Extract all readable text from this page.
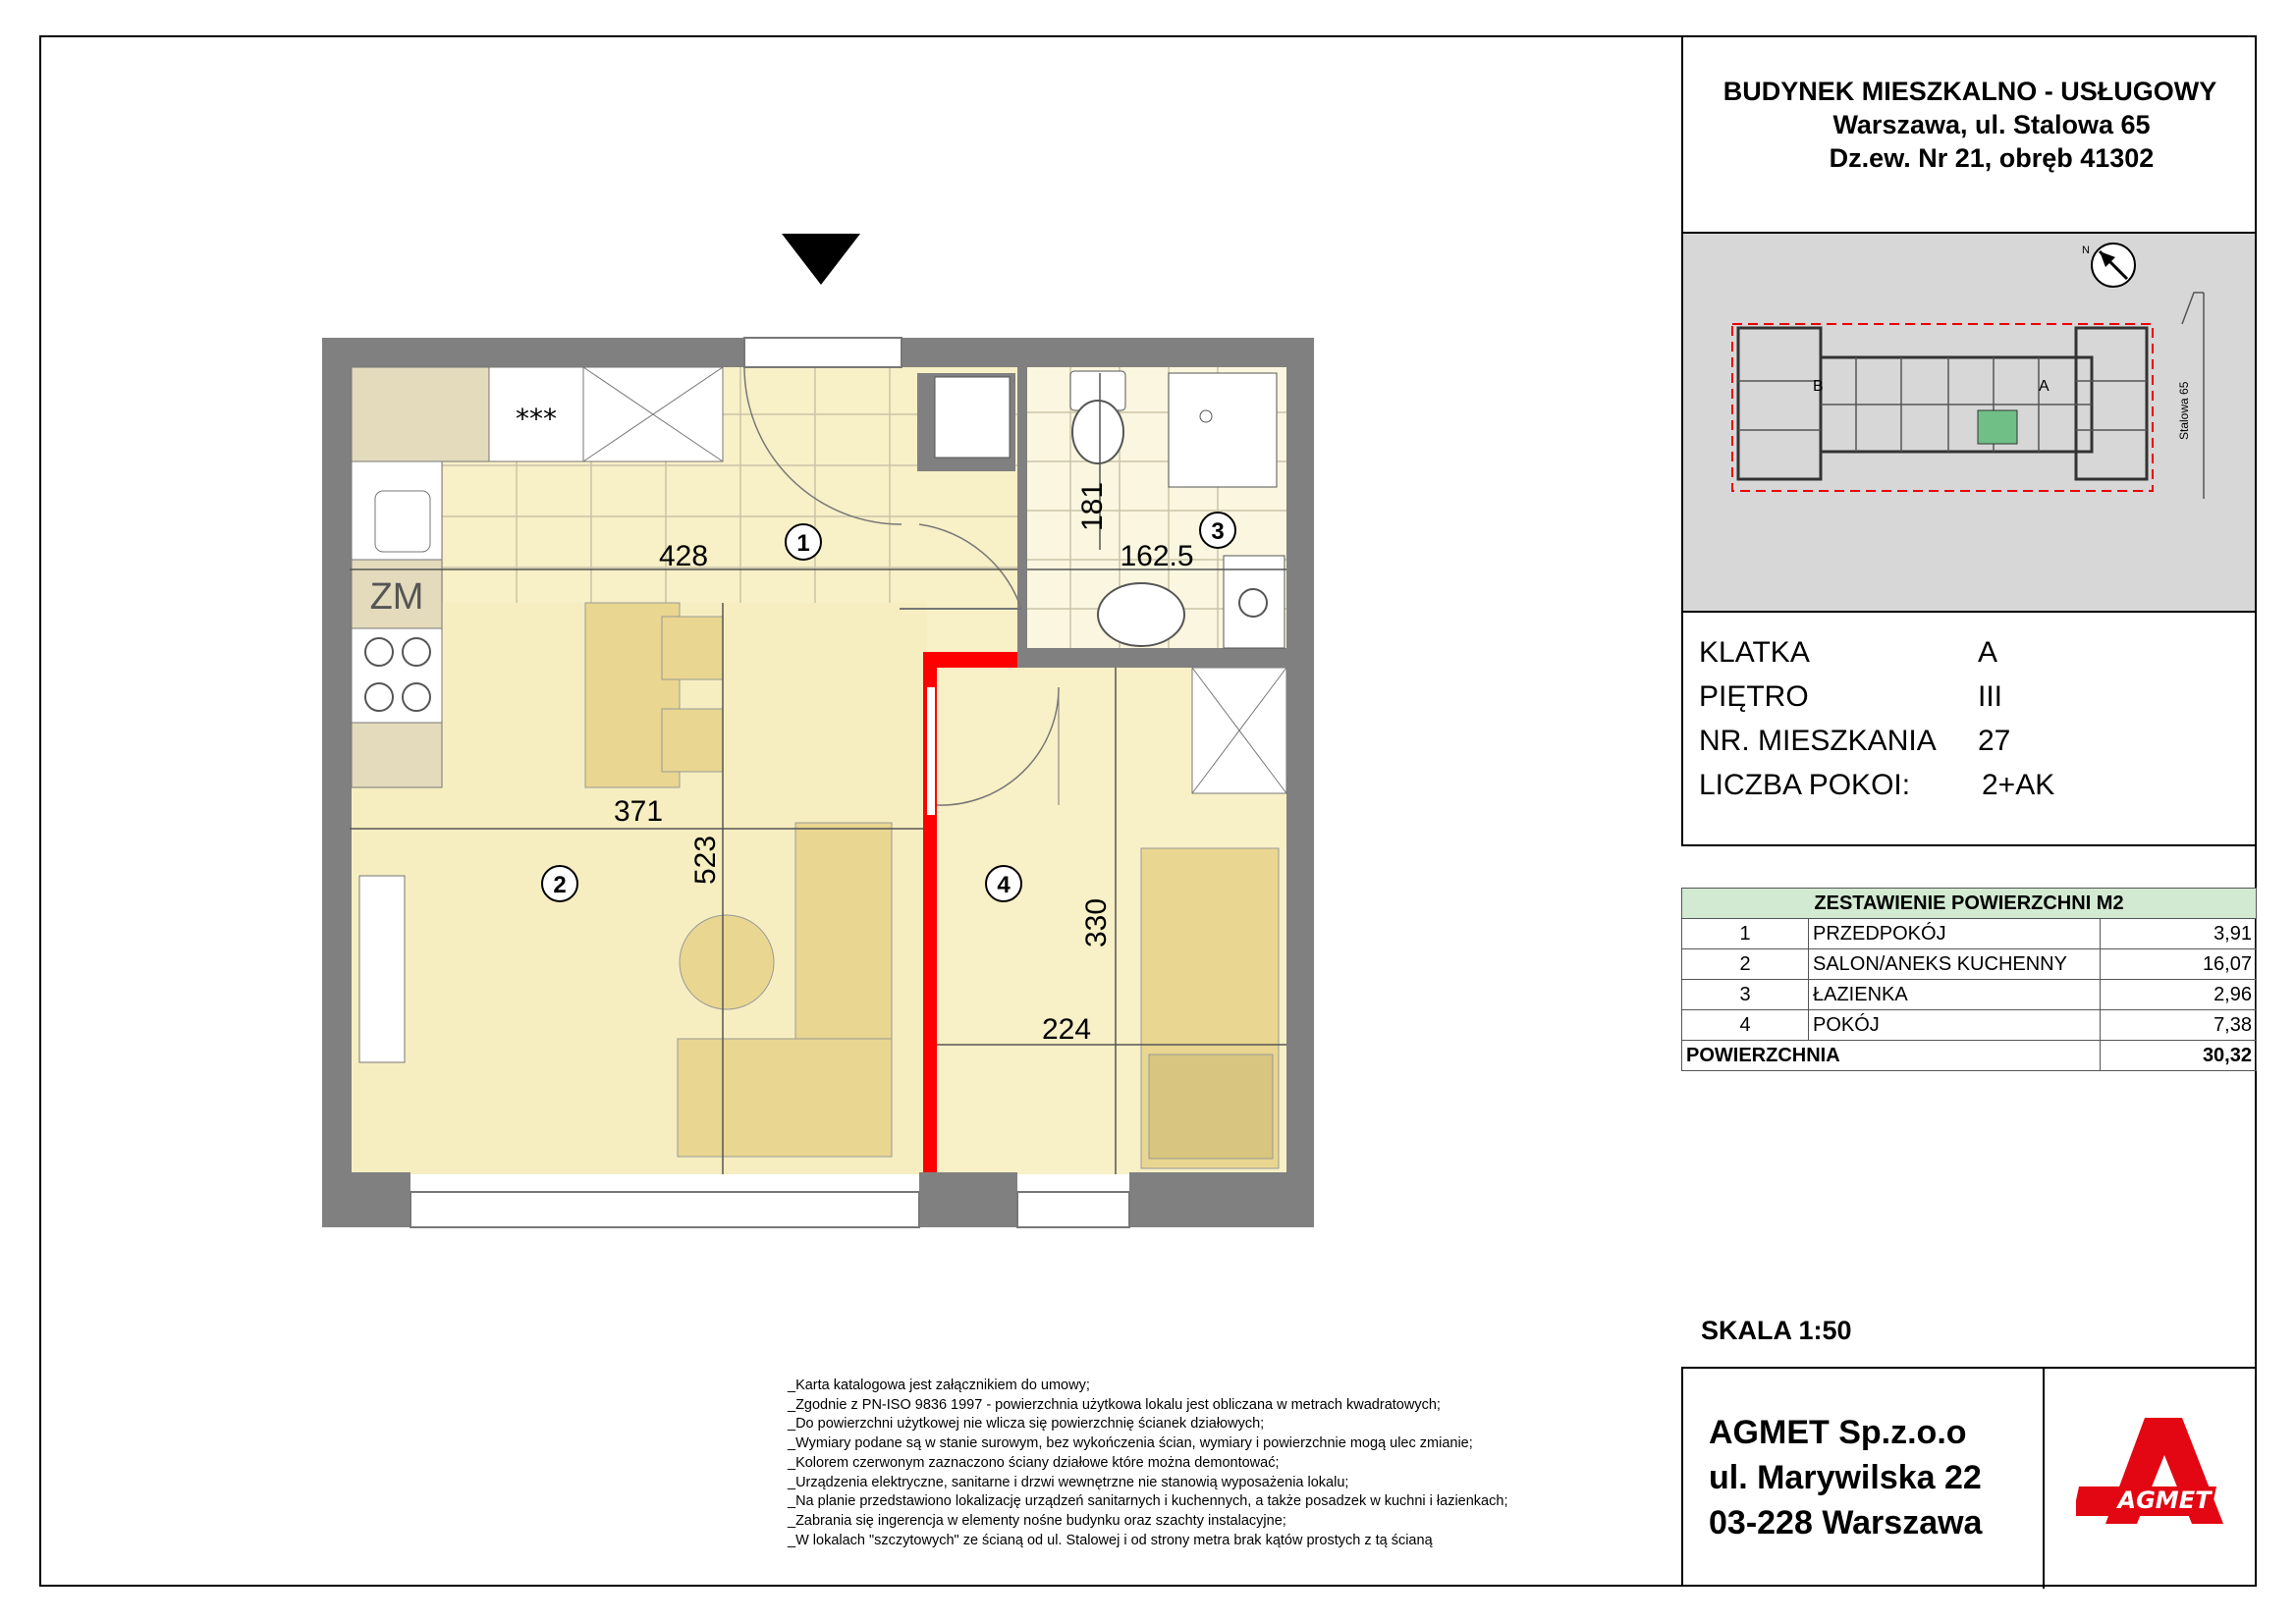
***
ZM
428	162.5
371
224
523
330
181
1
2
3
4
BUDYNEK MIESZKALNO - USŁUGOWY
Warszawa, ul. Stalowa 65
Dz.ew. Nr 21, obręb 41302
B	A	Stalowa 65
N
KLATKA	A
PIĘTRO	III
NR. MIESZKANIA 27
LICZBA POKOI: 2+AK
ZESTAWIENIE POWIERZCHNI M2		
1	PRZEDPOKÓJ	3,91
2	SALON/ANEKS KUCHENNY	16,07
3	ŁAZIENKA	2,96
4	POKÓJ	7,38
POWIERZCHNIA		30,32
SKALA 1:50
AGMET Sp.z.o.o
ul. Marywilska 22
03-228 Warszawa
AGMET
_Karta katalogowa jest załącznikiem do umowy;
_Zgodnie z PN-ISO 9836 1997 - powierzchnia użytkowa lokalu jest obliczana w metrach kwadratowych;
_Do powierzchni użytkowej nie wlicza się powierzchnię ścianek działowych;
_Wymiary podane są w stanie surowym, bez wykończenia ścian, wymiary i powierzchnie mogą ulec zmianie;
_Kolorem czerwonym zaznaczono ściany działowe które można demontować;
_Urządzenia elektryczne, sanitarne i drzwi wewnętrzne nie stanowią wyposażenia lokalu;
_Na planie przedstawiono lokalizację urządzeń sanitarnych i kuchennych, a także posadzek w kuchni i łazienkach;
_Zabrania się ingerencja w elementy nośne budynku oraz szachty instalacyjne;
_W lokalach "szczytowych" ze ścianą od ul. Stalowej i od strony metra brak kątów prostych z tą ścianą
